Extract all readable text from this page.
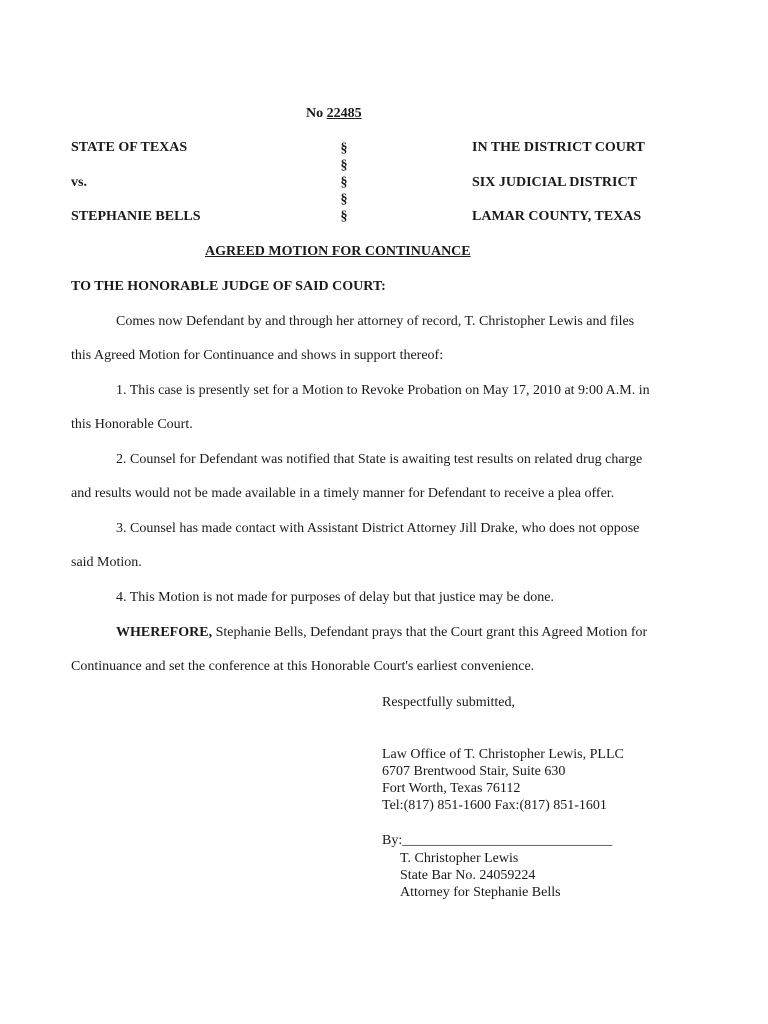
No 22485
STATE OF TEXAS
vs.
STEPHANIE BELLS
§
§
§
§
§
IN THE DISTRICT COURT
SIX JUDICIAL DISTRICT
LAMAR COUNTY, TEXAS
AGREED MOTION FOR CONTINUANCE
TO THE HONORABLE JUDGE OF SAID COURT:
Comes now Defendant by and through her attorney of record, T. Christopher Lewis and files
this Agreed Motion for Continuance and shows in support thereof:
1. This case is presently set for a Motion to Revoke Probation on May 17, 2010 at 9:00 A.M. in
this Honorable Court.
2. Counsel for Defendant was notified that State is awaiting test results on related drug charge
and results would not be made available in a timely manner for Defendant to receive a plea offer.
3. Counsel has made contact with Assistant District Attorney Jill Drake, who does not oppose
said Motion.
4. This Motion is not made for purposes of delay but that justice may be done.
WHEREFORE, Stephanie Bells, Defendant prays that the Court grant this Agreed Motion for
Continuance and set the conference at this Honorable Court's earliest convenience.
Respectfully submitted,
Law Office of T. Christopher Lewis, PLLC
6707 Brentwood Stair, Suite 630
Fort Worth, Texas 76112
Tel:(817) 851-1600 Fax:(817) 851-1601
By:______________________________
T. Christopher Lewis
State Bar No. 24059224
Attorney for Stephanie Bells
